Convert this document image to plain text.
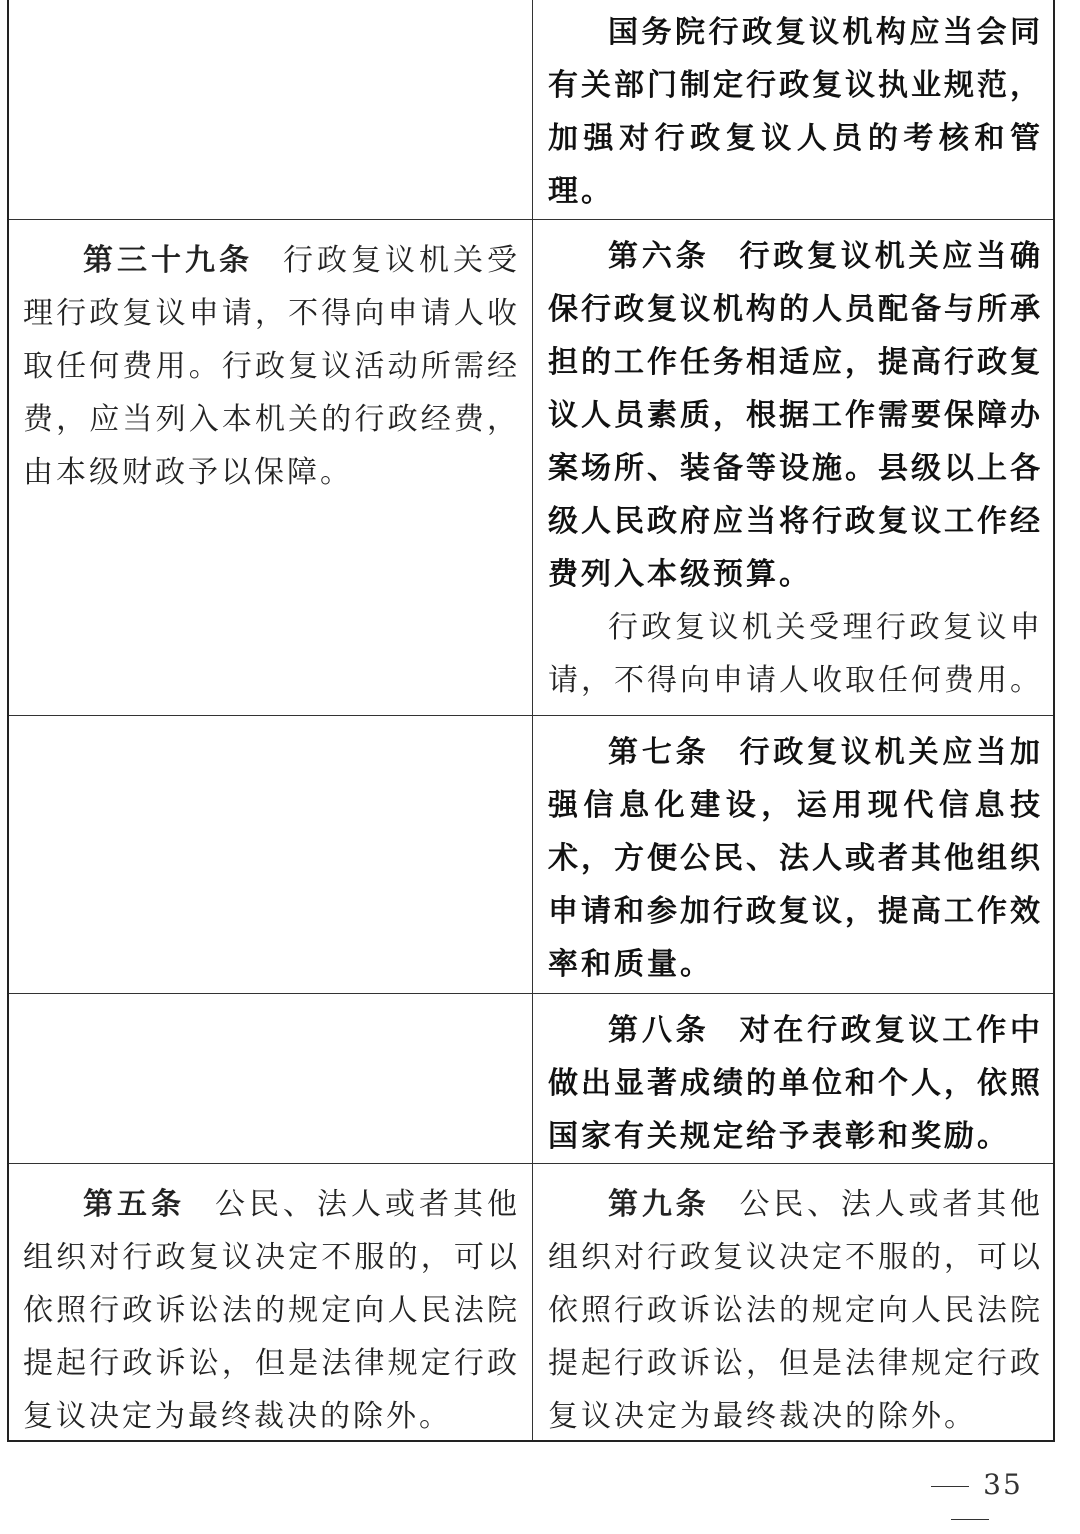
国务院行政复议机构应当会同有关部门制定行政复议执业规范，加强对行政复议人员的考核和管理。

第三十九条 行政复议机关受理行政复议申请，不得向申请人收取任何费用。行政复议活动所需经费，应当列入本机关的行政经费，由本级财政予以保障。

第六条 行政复议机关应当确保行政复议机构的人员配备与所承担的工作任务相适应，提高行政复议人员素质，根据工作需要保障办案场所、装备等设施。县级以上各级人民政府应当将行政复议工作经费列入本级预算。

行政复议机关受理行政复议申请，不得向申请人收取任何费用。

第七条 行政复议机关应当加强信息化建设，运用现代信息技术，方便公民、法人或者其他组织申请和参加行政复议，提高工作效率和质量。

第八条 对在行政复议工作中做出显著成绩的单位和个人，依照国家有关规定给予表彰和奖励。

第五条 公民、法人或者其他组织对行政复议决定不服的，可以依照行政诉讼法的规定向人民法院提起行政诉讼，但是法律规定行政复议决定为最终裁决的除外。

第九条 公民、法人或者其他组织对行政复议决定不服的，可以依照行政诉讼法的规定向人民法院提起行政诉讼，但是法律规定行政复议决定为最终裁决的除外。

35
